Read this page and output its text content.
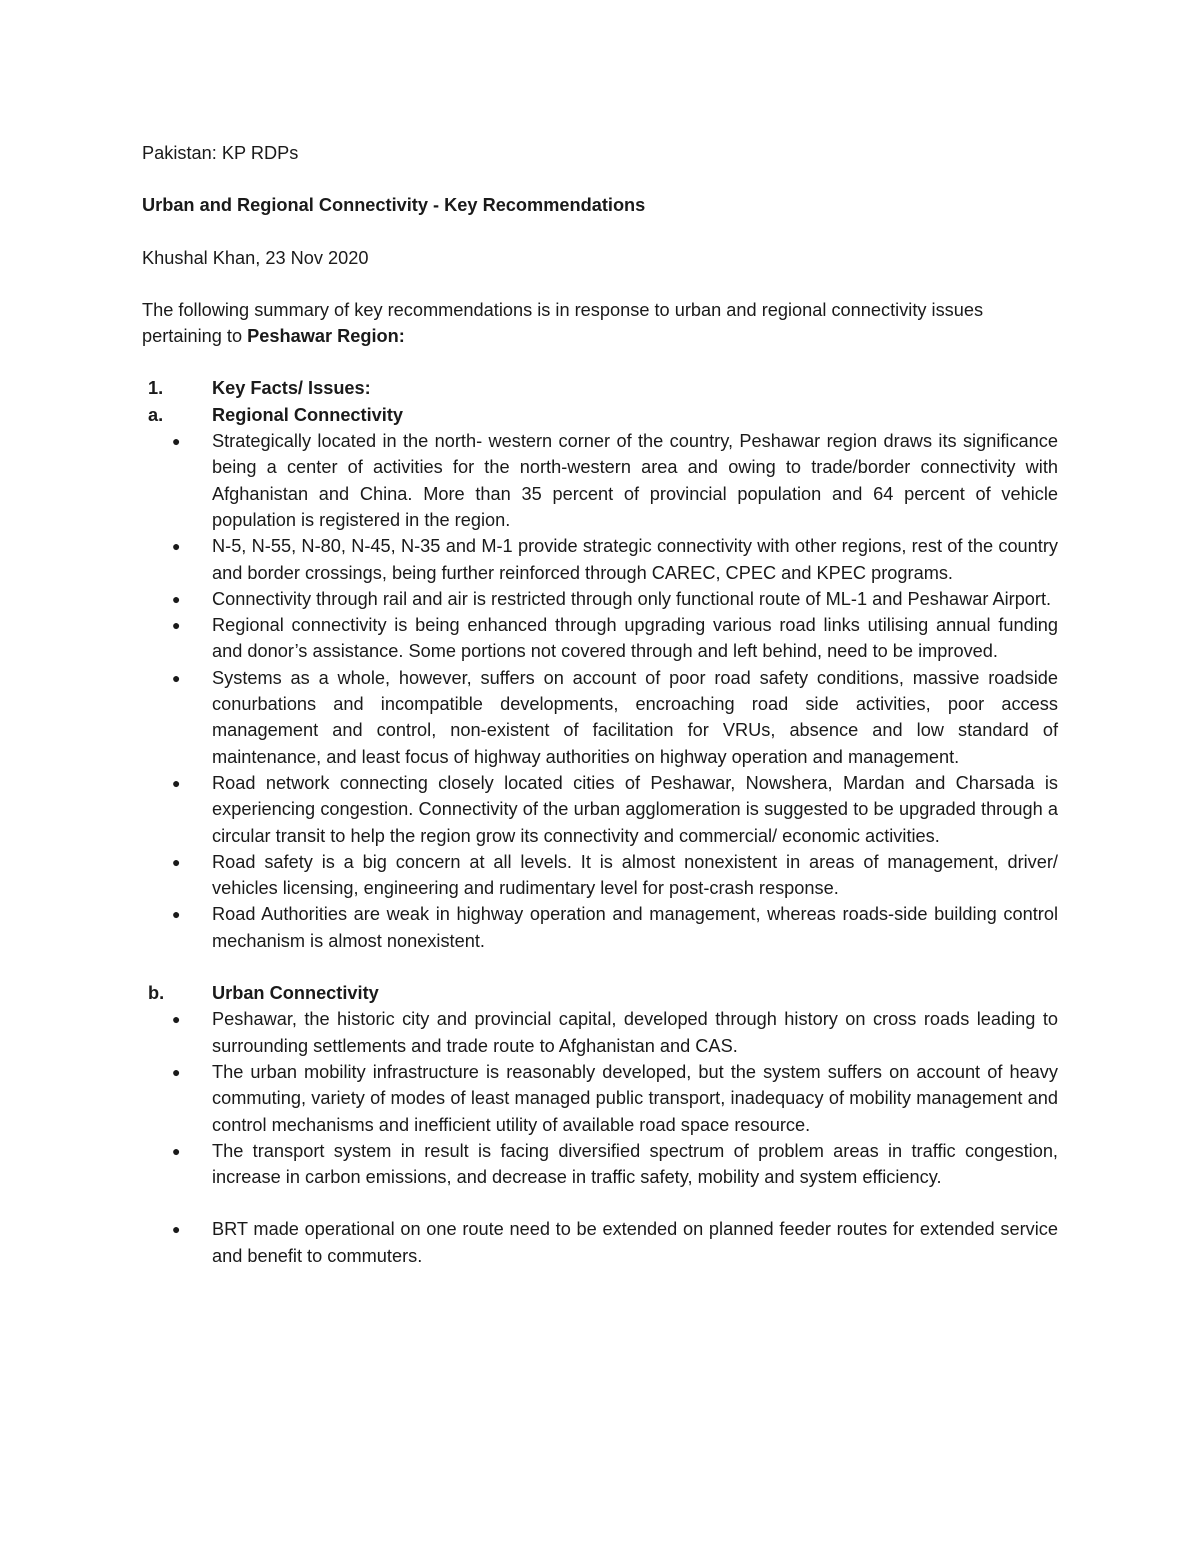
Pakistan: KP RDPs

Urban and Regional Connectivity - Key Recommendations

Khushal Khan, 23 Nov 2020

The following summary of key recommendations is in response to urban and regional connectivity issues pertaining to Peshawar Region:

1.	Key Facts/ Issues:
a.	Regional Connectivity
●	Strategically located in the north- western corner of the country, Peshawar region draws its significance being a center of activities for the north-western area and owing to trade/border connectivity with Afghanistan and China. More than 35 percent of provincial population and 64 percent of vehicle population is registered in the region.
●	N-5, N-55, N-80, N-45, N-35 and M-1 provide strategic connectivity with other regions, rest of the country and border crossings, being further reinforced through CAREC, CPEC and KPEC programs.
●	Connectivity through rail and air is restricted through only functional route of ML-1 and Peshawar Airport.
●	Regional connectivity is being enhanced through upgrading various road links utilising annual funding and donor’s assistance. Some portions not covered through and left behind, need to be improved.
●	Systems as a whole, however, suffers on account of poor road safety conditions, massive roadside conurbations and incompatible developments, encroaching road side activities, poor access management and control, non-existent of facilitation for VRUs, absence and low standard of maintenance, and least focus of highway authorities on highway operation and management.
●	Road network connecting closely located cities of Peshawar, Nowshera, Mardan and Charsada is experiencing congestion. Connectivity of the urban agglomeration is suggested to be upgraded through a circular transit to help the region grow its connectivity and commercial/ economic activities.
●	Road safety is a big concern at all levels. It is almost nonexistent in areas of management, driver/ vehicles licensing, engineering and rudimentary level for post-crash response.
●	Road Authorities are weak in highway operation and management, whereas roads-side building control mechanism is almost nonexistent.
b.	Urban Connectivity
●	Peshawar, the historic city and provincial capital, developed through history on cross roads leading to surrounding settlements and trade route to Afghanistan and CAS.
●	The urban mobility infrastructure is reasonably developed, but the system suffers on account of heavy commuting, variety of modes of least managed public transport, inadequacy of mobility management and control mechanisms and inefficient utility of available road space resource.
●	The transport system in result is facing diversified spectrum of problem areas in traffic congestion, increase in carbon emissions, and decrease in traffic safety, mobility and system efficiency.
●	BRT made operational on one route need to be extended on planned feeder routes for extended service and benefit to commuters.
